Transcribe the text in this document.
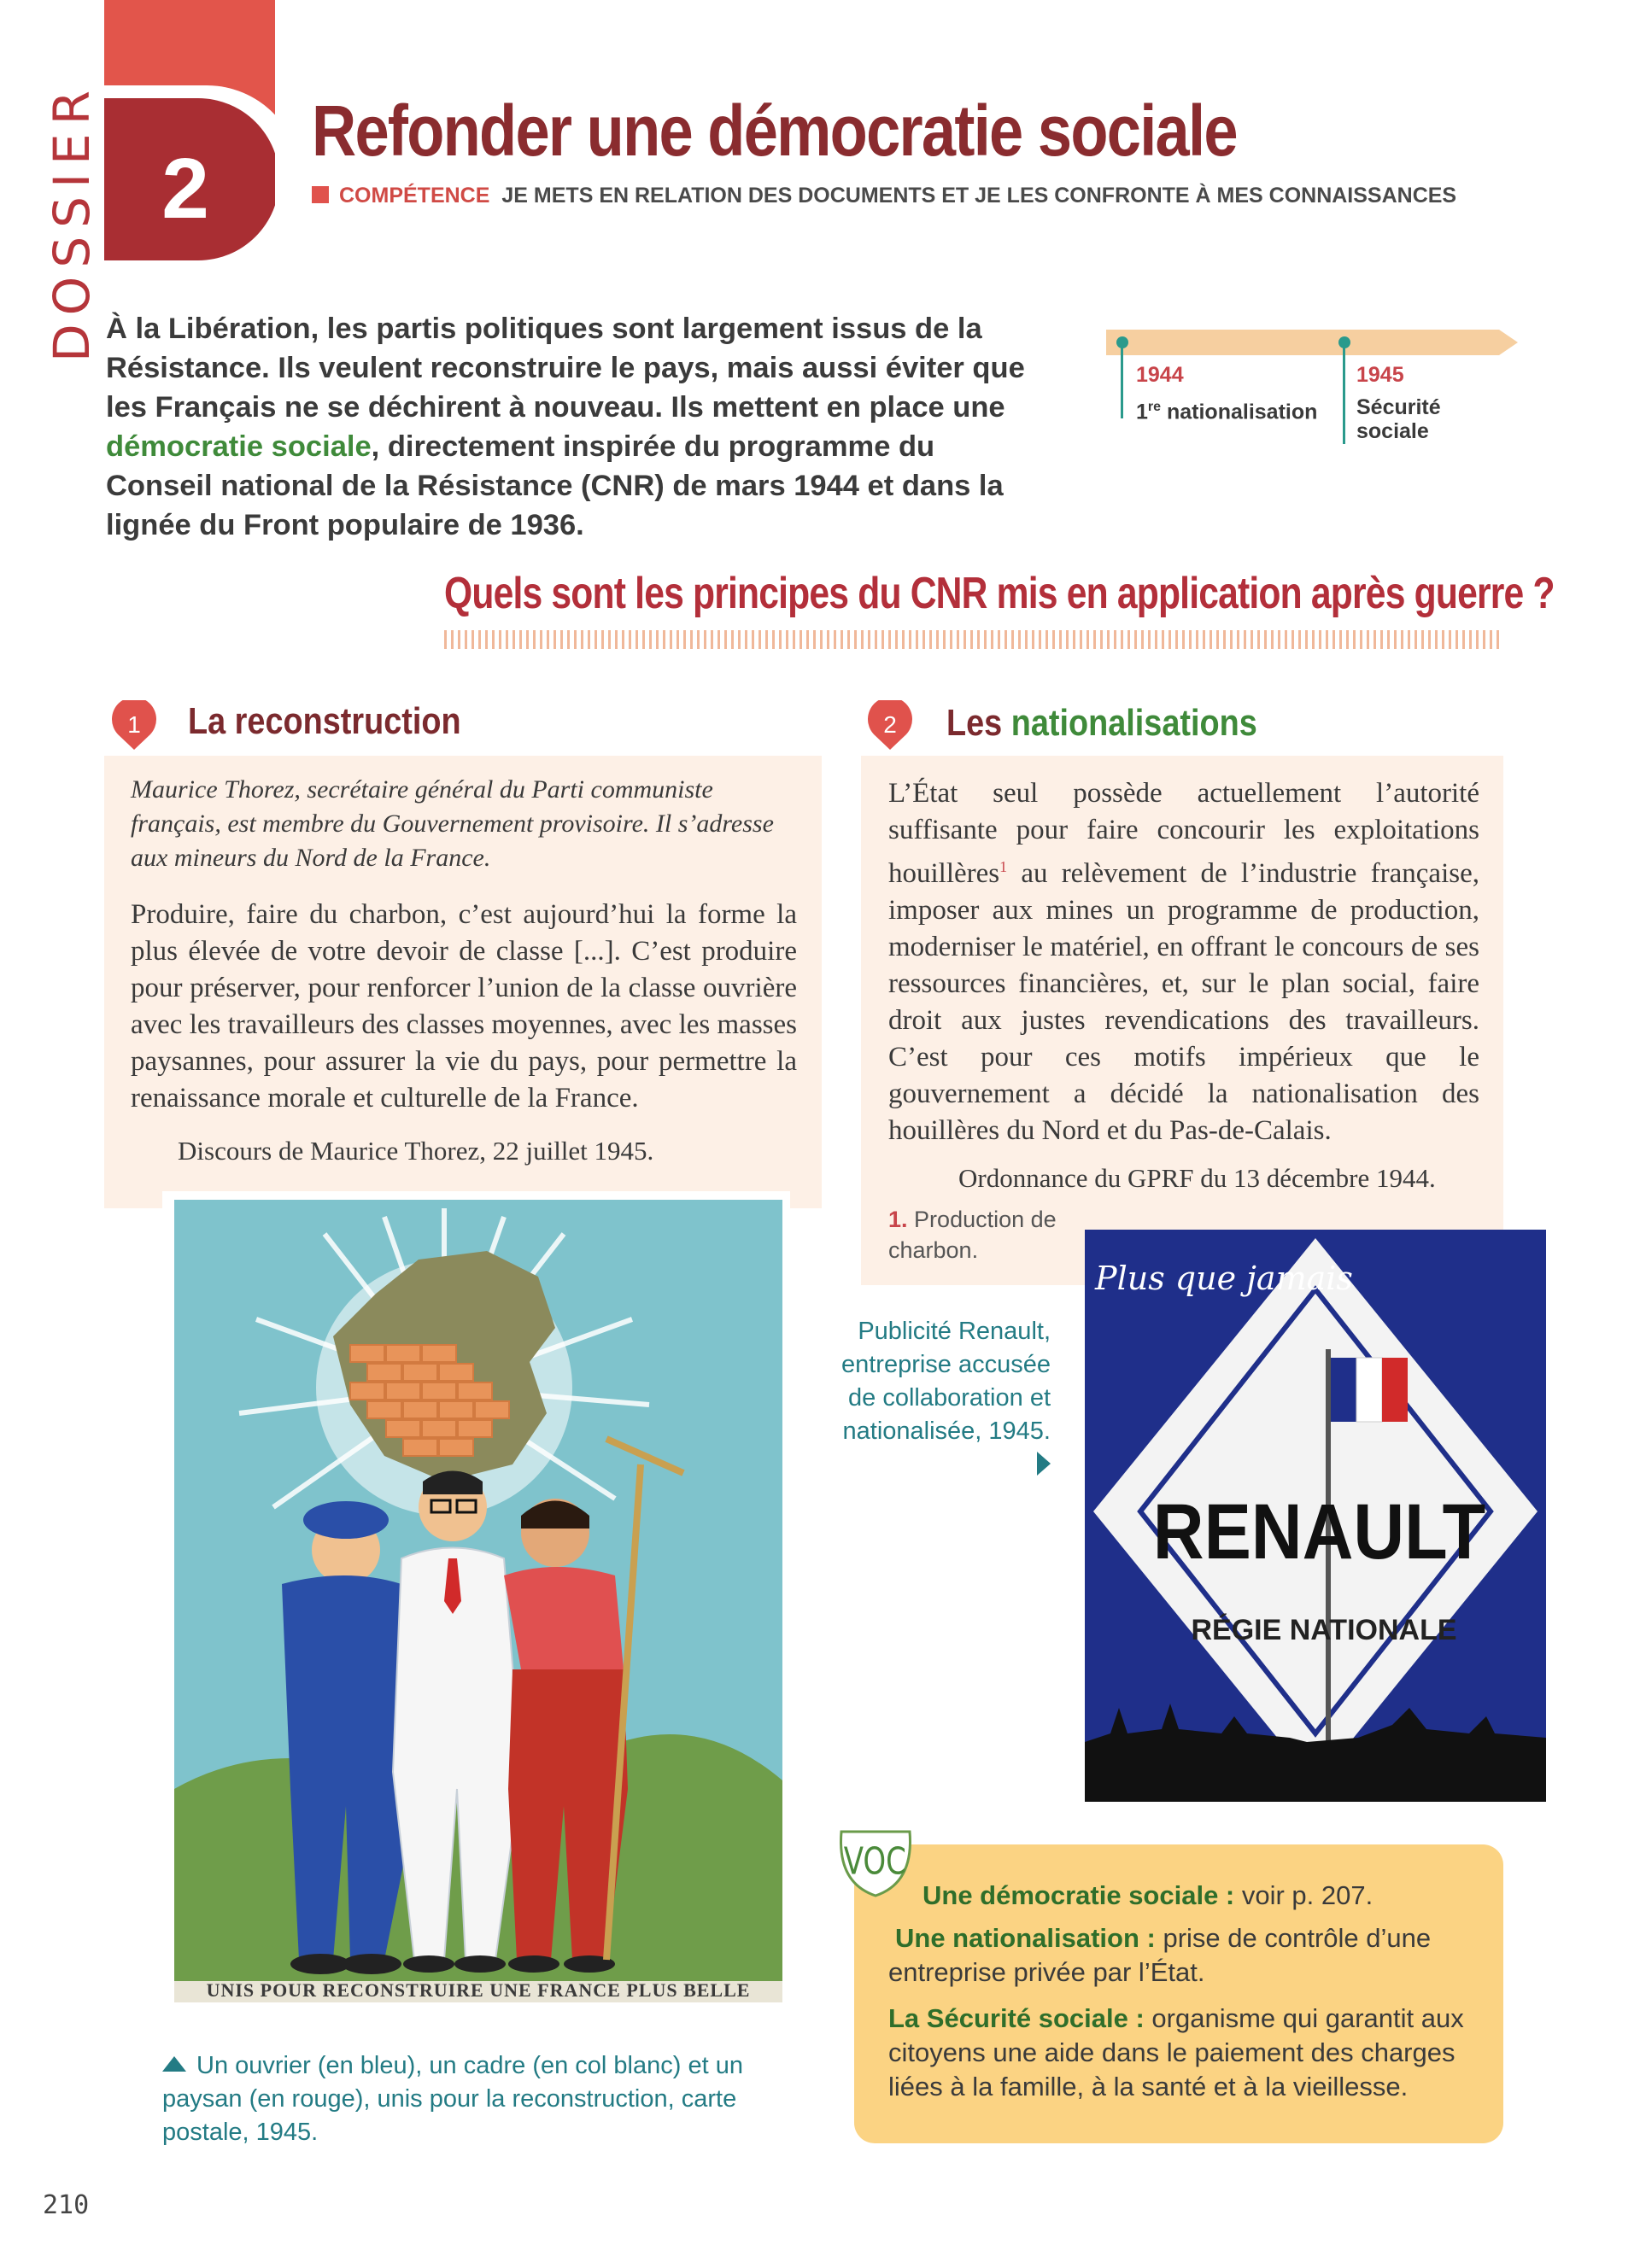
DOSSIER 2
Refonder une démocratie sociale
COMPÉTENCE JE METS EN RELATION DES DOCUMENTS ET JE LES CONFRONTE À MES CONNAISSANCES
À la Libération, les partis politiques sont largement issus de la Résistance. Ils veulent reconstruire le pays, mais aussi éviter que les Français ne se déchirent à nouveau. Ils mettent en place une démocratie sociale, directement inspirée du programme du Conseil national de la Résistance (CNR) de mars 1944 et dans la lignée du Front populaire de 1936.
1944
1re nationalisation
1945
Sécurité
sociale
Quels sont les principes du CNR mis en application après guerre ?
1 La reconstruction
Maurice Thorez, secrétaire général du Parti communiste français, est membre du Gouvernement provisoire. Il s’adresse aux mineurs du Nord de la France.
Produire, faire du charbon, c’est aujourd’hui la forme la plus élevée de votre devoir de classe [...]. C’est produire pour préserver, pour renforcer l’union de la classe ouvrière avec les travailleurs des classes moyennes, avec les masses paysannes, pour assurer la vie du pays, pour permettre la renaissance morale et culturelle de la France.
Discours de Maurice Thorez, 22 juillet 1945.
UNIS POUR RECONSTRUIRE UNE FRANCE PLUS BELLE
Un ouvrier (en bleu), un cadre (en col blanc) et un paysan (en rouge), unis pour la reconstruction, carte postale, 1945.
2 Les nationalisations
L’État seul possède actuellement l’autorité suffisante pour faire concourir les exploitations houillères$^1$ au relèvement de l’industrie française, imposer aux mines un programme de production, moderniser le matériel, en offrant le concours de ses ressources financières, et, sur le plan social, faire droit aux justes revendications des travailleurs. C’est pour ces motifs impérieux que le gouvernement a décidé la nationalisation des houillères du Nord et du Pas-de-Calais.
Ordonnance du GPRF du 13 décembre 1944.
1. Production de charbon.
Publicité Renault, entreprise accusée de collaboration et nationalisée, 1945.
Plus que jamais
RENAULT
RÉGIE NATIONALE
VOC
Une démocratie sociale : voir p. 207.
Une nationalisation : prise de contrôle d’une entreprise privée par l’État.
La Sécurité sociale : organisme qui garantit aux citoyens une aide dans le paiement des charges liées à la famille, à la santé et à la vieillesse.
210
